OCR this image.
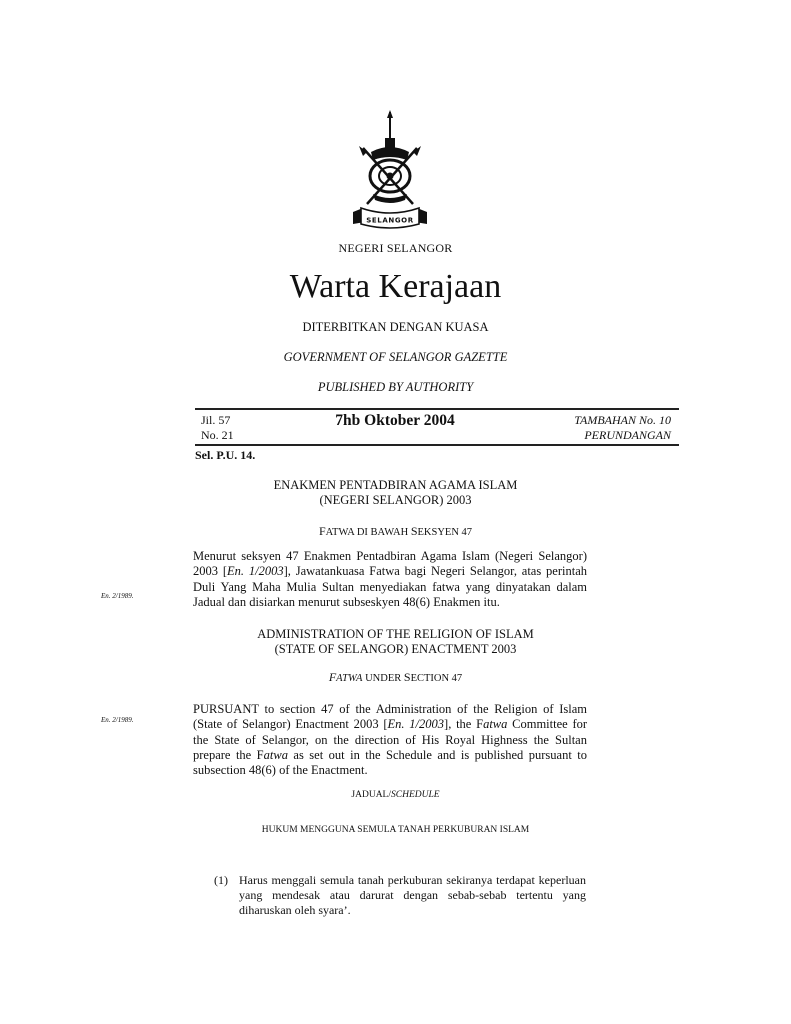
SELANGOR
NEGERI SELANGOR
Warta Kerajaan
DITERBITKAN DENGAN KUASA
GOVERNMENT OF SELANGOR GAZETTE
PUBLISHED BY AUTHORITY
Jil. 57
No. 21
7hb Oktober 2004	TAMBAHAN No. 10
PERUNDANGAN
Sel. P.U. 14.
ENAKMEN PENTADBIRAN AGAMA ISLAM
(NEGERI SELANGOR) 2003
FATWA DI BAWAH SEKSYEN 47
En. 2/1989.
Menurut seksyen 47 Enakmen Pentadbiran Agama Islam (Negeri Selangor) 2003 [En. 1/2003], Jawatankuasa Fatwa bagi Negeri Selangor, atas perintah Duli Yang Maha Mulia Sultan menyediakan fatwa yang dinyatakan dalam Jadual dan disiarkan menurut subseskyen 48(6) Enakmen itu.
ADMINISTRATION OF THE RELIGION OF ISLAM
(STATE OF SELANGOR) ENACTMENT 2003
FATWA UNDER SECTION 47
En. 2/1989.
PURSUANT to section 47 of the Administration of the Religion of Islam (State of Selangor) Enactment 2003 [En. 1/2003], the Fatwa Committee for the State of Selangor, on the direction of His Royal Highness the Sultan prepare the Fatwa as set out in the Schedule and is published pursuant to subsection 48(6) of the Enactment.
JADUAL/SCHEDULE
HUKUM MENGGUNA SEMULA TANAH PERKUBURAN ISLAM
(1) Harus menggali semula tanah perkuburan sekiranya terdapat keperluan yang mendesak atau darurat dengan sebab-sebab tertentu yang diharuskan oleh syara’.
